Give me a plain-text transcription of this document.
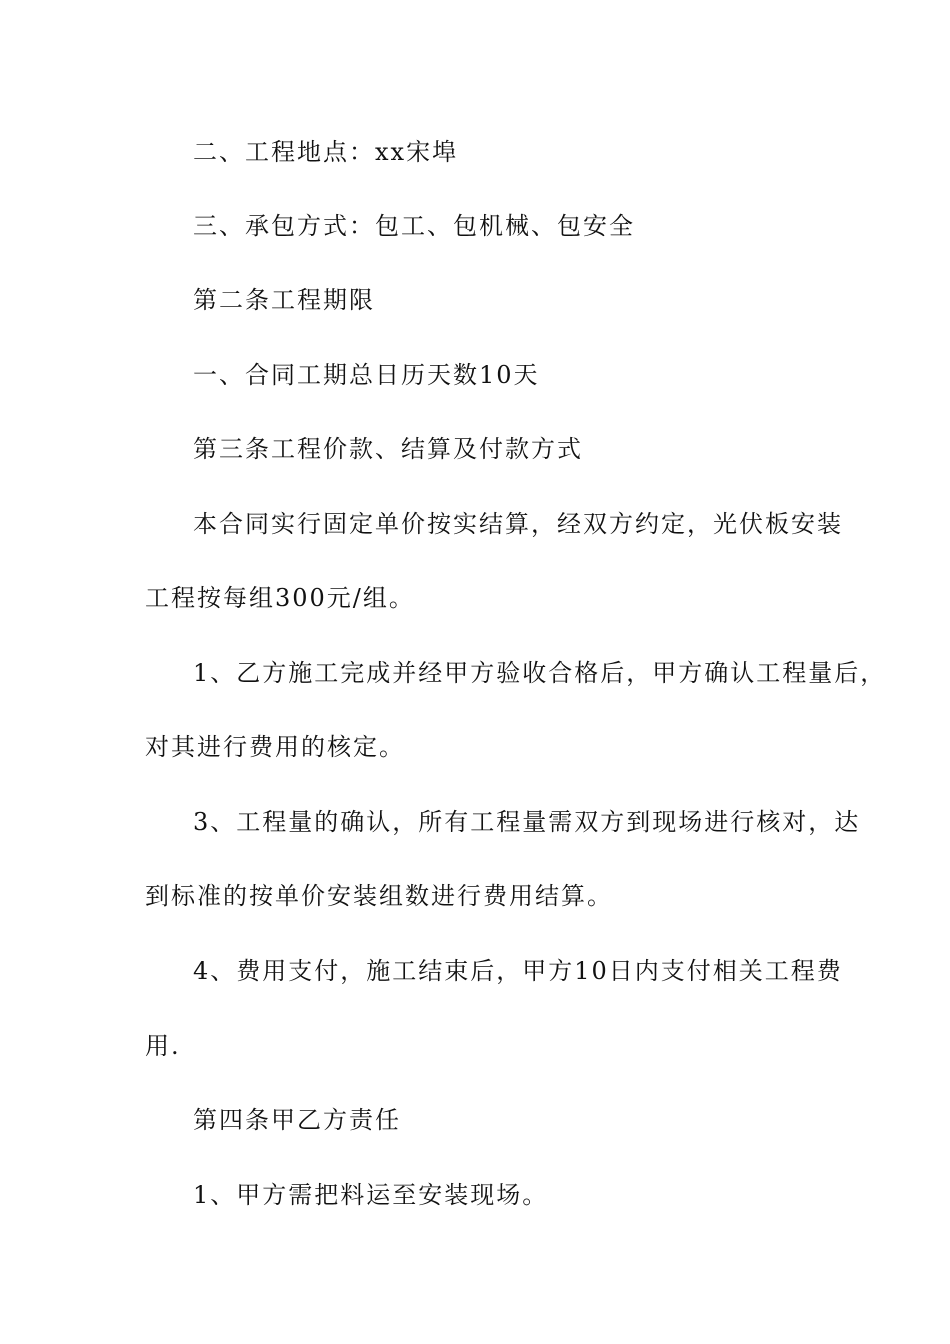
二、工程地点：xx宋埠

三、承包方式：包工、包机械、包安全

第二条工程期限

一、合同工期总日历天数10天

第三条工程价款、结算及付款方式

本合同实行固定单价按实结算，经双方约定，光伏板安装

工程按每组300元/组。

1、乙方施工完成并经甲方验收合格后，甲方确认工程量后，

对其进行费用的核定。

3、工程量的确认，所有工程量需双方到现场进行核对，达

到标准的按单价安装组数进行费用结算。

4、费用支付，施工结束后，甲方10日内支付相关工程费

用.

第四条甲乙方责任

1、甲方需把料运至安装现场。
